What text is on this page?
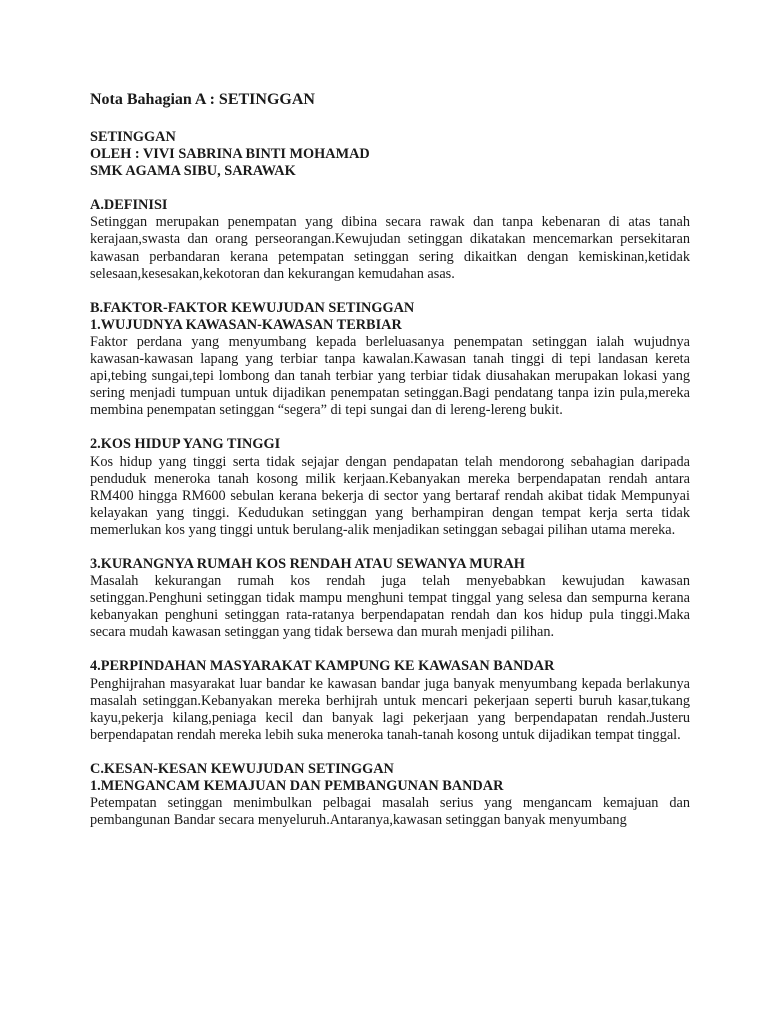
Nota Bahagian A : SETINGGAN
SETINGGAN
OLEH : VIVI SABRINA BINTI MOHAMAD
SMK AGAMA SIBU, SARAWAK
A.DEFINISI

Setinggan merupakan penempatan yang dibina secara rawak dan tanpa kebenaran di atas tanah kerajaan,swasta dan orang perseorangan.Kewujudan setinggan dikatakan mencemarkan persekitaran kawasan perbandaran kerana petempatan setinggan sering dikaitkan dengan kemiskinan,ketidak selesaan,kesesakan,kekotoran dan kekurangan kemudahan asas.

B.FAKTOR-FAKTOR KEWUJUDAN SETINGGAN
1.WUJUDNYA KAWASAN-KAWASAN TERBIAR

Faktor perdana yang menyumbang kepada berleluasanya penempatan setinggan ialah wujudnya kawasan-kawasan lapang yang terbiar tanpa kawalan.Kawasan tanah tinggi di tepi landasan kereta api,tebing sungai,tepi lombong dan tanah terbiar yang terbiar tidak diusahakan merupakan lokasi yang sering menjadi tumpuan untuk dijadikan penempatan setinggan.Bagi pendatang tanpa izin pula,mereka membina penempatan setinggan “segera” di tepi sungai dan di lereng-lereng bukit.

2.KOS HIDUP YANG TINGGI

Kos hidup yang tinggi serta tidak sejajar dengan pendapatan telah mendorong sebahagian daripada penduduk meneroka tanah kosong milik kerjaan.Kebanyakan mereka berpendapatan rendah antara RM400 hingga RM600 sebulan kerana bekerja di sector yang bertaraf rendah akibat tidak Mempunyai kelayakan yang tinggi. Kedudukan setinggan yang berhampiran dengan tempat kerja serta tidak memerlukan kos yang tinggi untuk berulang-alik menjadikan setinggan sebagai pilihan utama mereka.

3.KURANGNYA RUMAH KOS RENDAH ATAU SEWANYA MURAH

Masalah kekurangan rumah kos rendah juga telah menyebabkan kewujudan kawasan setinggan.Penghuni setinggan tidak mampu menghuni tempat tinggal yang selesa dan sempurna kerana kebanyakan penghuni setinggan rata-ratanya berpendapatan rendah dan kos hidup pula tinggi.Maka secara mudah kawasan setinggan yang tidak bersewa dan murah menjadi pilihan.

4.PERPINDAHAN MASYARAKAT KAMPUNG KE KAWASAN BANDAR

Penghijrahan masyarakat luar bandar ke kawasan bandar juga banyak menyumbang kepada berlakunya masalah setinggan.Kebanyakan mereka berhijrah untuk mencari pekerjaan seperti buruh kasar,tukang kayu,pekerja kilang,peniaga kecil dan banyak lagi pekerjaan yang berpendapatan rendah.Justeru berpendapatan rendah mereka lebih suka meneroka tanah-tanah kosong untuk dijadikan tempat tinggal.

C.KESAN-KESAN KEWUJUDAN SETINGGAN
1.MENGANCAM KEMAJUAN DAN PEMBANGUNAN BANDAR

Petempatan setinggan menimbulkan pelbagai masalah serius yang mengancam kemajuan dan pembangunan Bandar secara menyeluruh.Antaranya,kawasan setinggan banyak menyumbang
